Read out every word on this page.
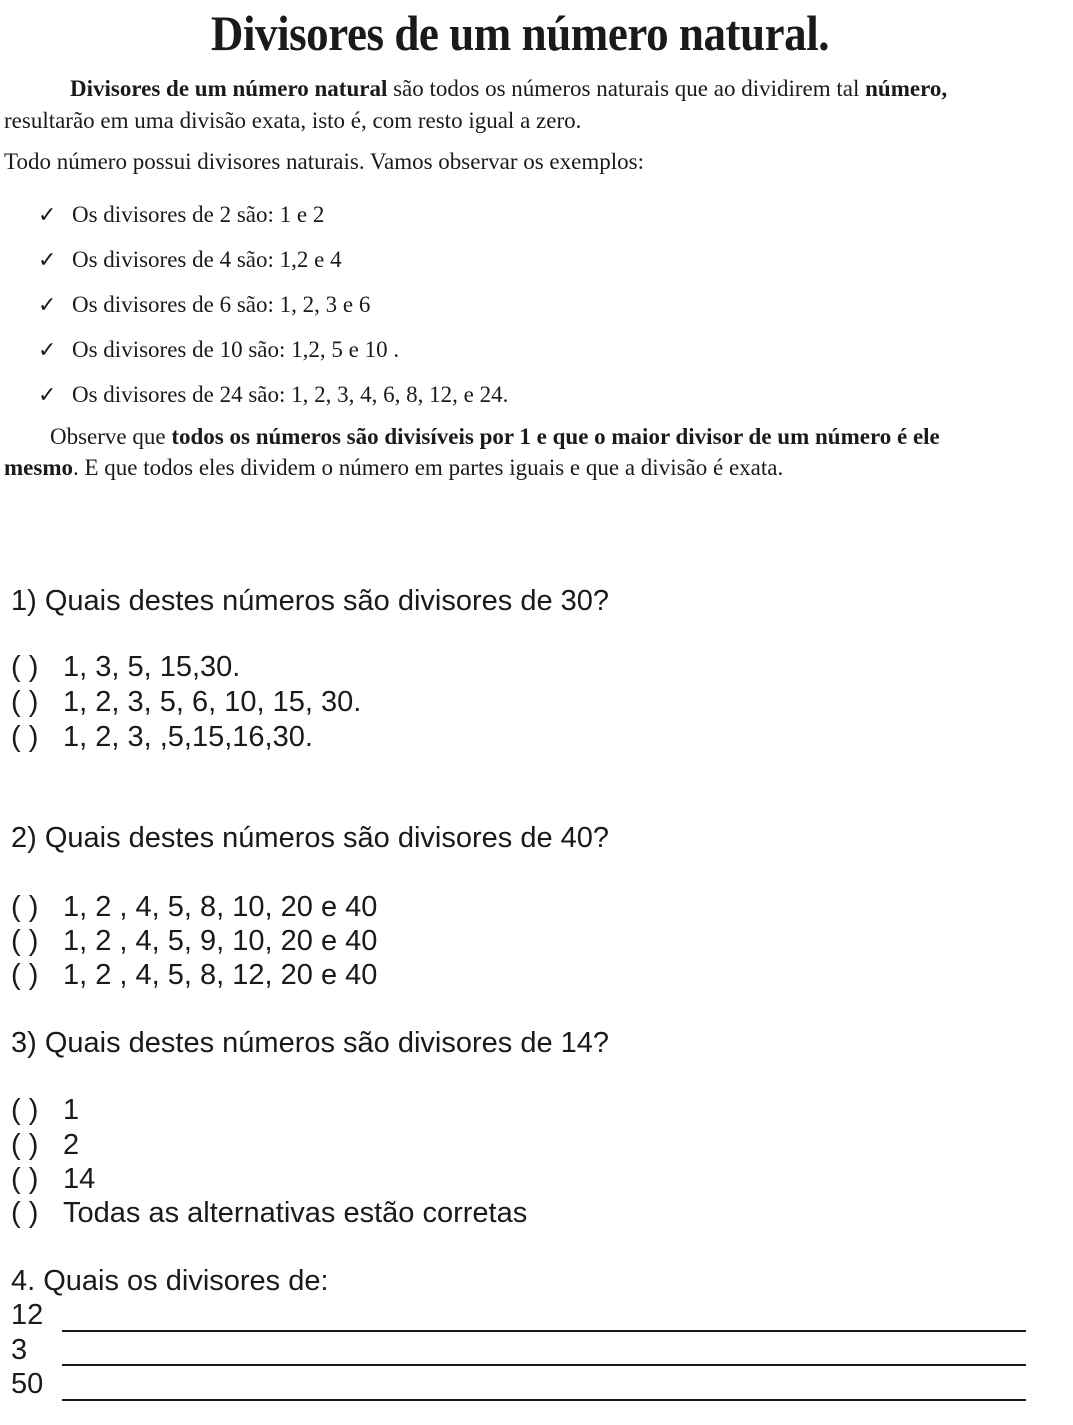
Divisores de um número natural.
Divisores de um número natural são todos os números naturais que ao dividirem tal número,
resultarão em uma divisão exata, isto é, com resto igual a zero.
Todo número possui divisores naturais. Vamos observar os exemplos:
✓ Os divisores de 2 são: 1 e 2
✓ Os divisores de 4 são: 1,2 e 4
✓ Os divisores de 6 são: 1, 2, 3 e 6
✓ Os divisores de 10 são: 1,2, 5 e 10 .
✓ Os divisores de 24 são: 1, 2, 3, 4, 6, 8, 12, e 24.
Observe que todos os números são divisíveis por 1 e que o maior divisor de um número é ele
mesmo. E que todos eles dividem o número em partes iguais e que a divisão é exata.
1) Quais destes números são divisores de 30?
( ) 1, 3, 5, 15,30.
( ) 1, 2, 3, 5, 6, 10, 15, 30.
( ) 1, 2, 3, ,5,15,16,30.
2) Quais destes números são divisores de 40?
( ) 1, 2 , 4, 5, 8, 10, 20 e 40
( ) 1, 2 , 4, 5, 9, 10, 20 e 40
( ) 1, 2 , 4, 5, 8, 12, 20 e 40
3) Quais destes números são divisores de 14?
( ) 1
( ) 2
( ) 14
( ) Todas as alternativas estão corretas
4. Quais os divisores de:
12
3
50
